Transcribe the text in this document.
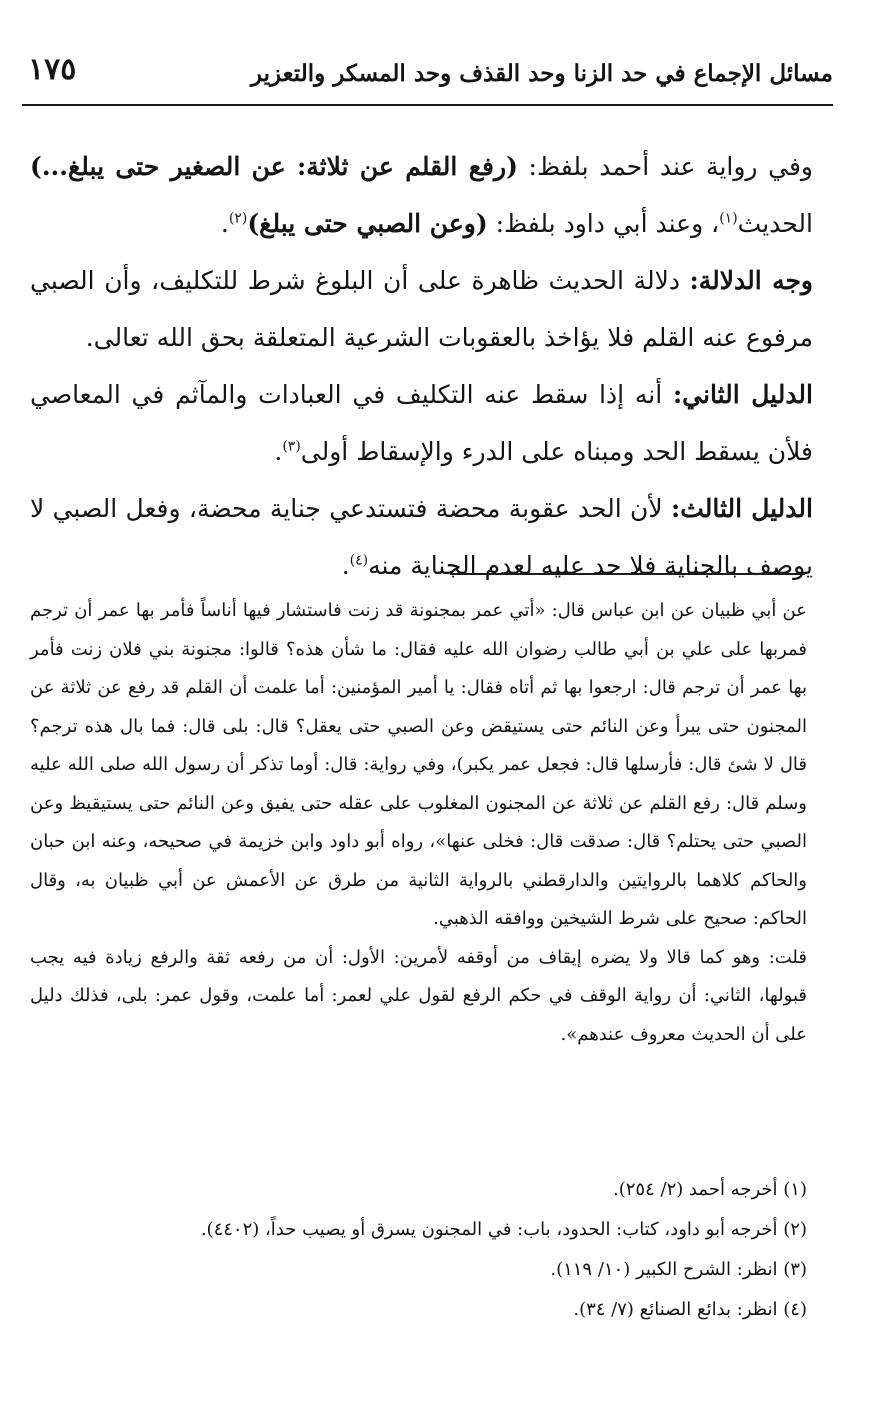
مسائل الإجماع في حد الزنا وحد القذف وحد المسكر والتعزير
١٧٥

وفي رواية عند أحمد بلفظ: (رفع القلم عن ثلاثة: عن الصغير حتى يبلغ...) الحديث$^{(١)}$، وعند أبي داود بلفظ: (وعن الصبي حتى يبلغ)$^{(٢)}$.

وجه الدلالة: دلالة الحديث ظاهرة على أن البلوغ شرط للتكليف، وأن الصبي مرفوع عنه القلم فلا يؤاخذ بالعقوبات الشرعية المتعلقة بحق الله تعالى.

الدليل الثاني: أنه إذا سقط عنه التكليف في العبادات والمآثم في المعاصي فلأن يسقط الحد ومبناه على الدرء والإسقاط أولى$^{(٣)}$.

الدليل الثالث: لأن الحد عقوبة محضة فتستدعي جناية محضة، وفعل الصبي لا يوصف بالجناية فلا حد عليه لعدم الجناية منه$^{(٤)}$.

عن أبي ظبيان عن ابن عباس قال: «أتي عمر بمجنونة قد زنت فاستشار فيها أناساً فأمر بها عمر أن ترجم فمربها على علي بن أبي طالب رضوان الله عليه فقال: ما شأن هذه؟ قالوا: مجنونة بني فلان زنت فأمر بها عمر أن ترجم قال: ارجعوا بها ثم أتاه فقال: يا أمير المؤمنين: أما علمت أن القلم قد رفع عن ثلاثة عن المجنون حتى يبرأ وعن النائم حتى يستيقض وعن الصبي حتى يعقل؟ قال: بلى قال: فما بال هذه ترجم؟ قال لا شئ قال: فأرسلها قال: فجعل عمر يكبر)، وفي رواية: قال: أوما تذكر أن رسول الله صلى الله عليه وسلم قال: رفع القلم عن ثلاثة عن المجنون المغلوب على عقله حتى يفيق وعن النائم حتى يستيقيظ وعن الصبي حتى يحتلم؟ قال: صدقت قال: فخلى عنها»، رواه أبو داود وابن خزيمة في صحيحه، وعنه ابن حبان والحاكم كلاهما بالروايتين والدارقطني بالرواية الثانية من طرق عن الأعمش عن أبي ظبيان به، وقال الحاكم: صحيح على شرط الشيخين ووافقه الذهبي.

قلت: وهو كما قالا ولا يضره إيقاف من أوقفه لأمرين: الأول: أن من رفعه ثقة والرفع زيادة فيه يجب قبولها، الثاني: أن رواية الوقف في حكم الرفع لقول علي لعمر: أما علمت، وقول عمر: بلى، فذلك دليل على أن الحديث معروف عندهم».

(١) أخرجه أحمد (٢/ ٢٥٤).
(٢) أخرجه أبو داود، كتاب: الحدود، باب: في المجنون يسرق أو يصيب حداً، (٤٤٠٢).
(٣) انظر: الشرح الكبير (١٠/ ١١٩).
(٤) انظر: بدائع الصنائع (٧/ ٣٤).
